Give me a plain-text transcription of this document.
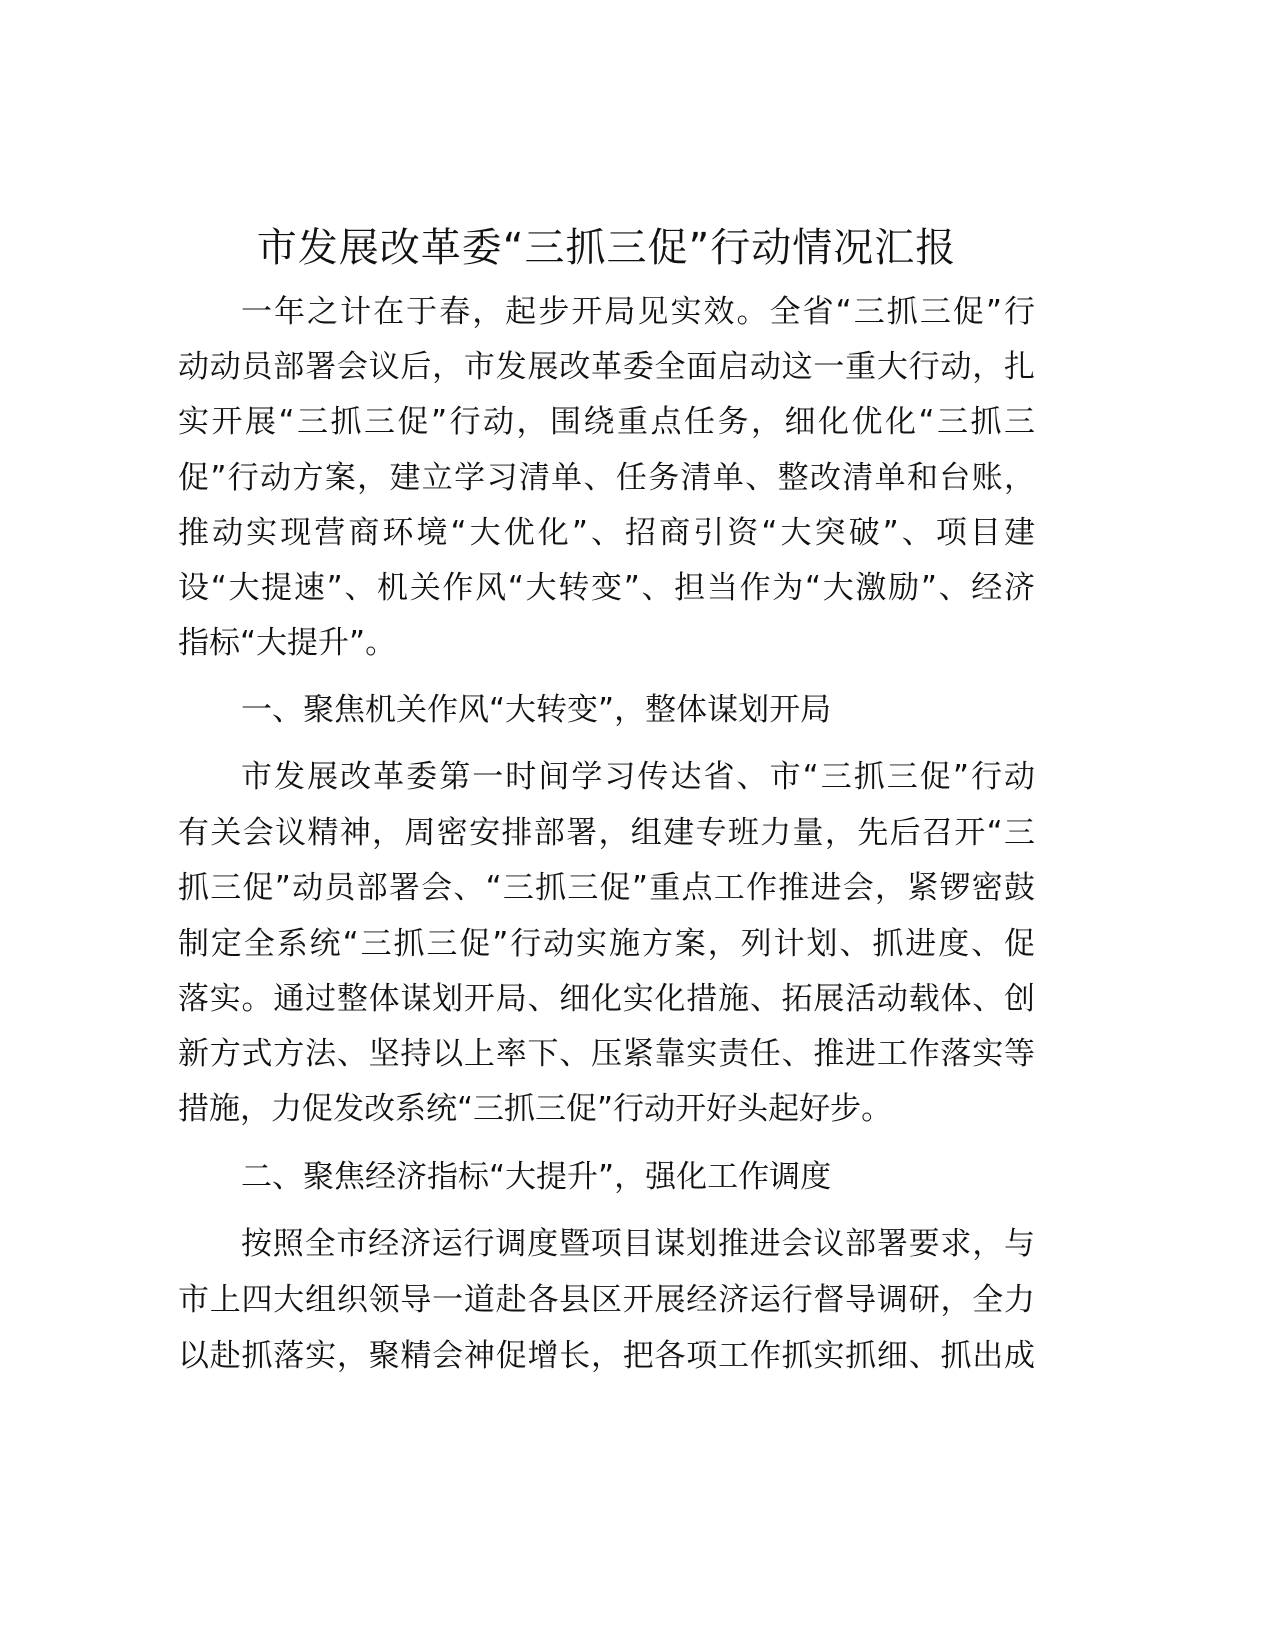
市发展改革委“三抓三促”行动情况汇报
一年之计在于春，起步开局见实效。全省“三抓三促”行
动动员部署会议后，市发展改革委全面启动这一重大行动，扎
实开展“三抓三促”行动，围绕重点任务，细化优化“三抓三
促”行动方案，建立学习清单、任务清单、整改清单和台账，
推动实现营商环境“大优化”、招商引资“大突破”、项目建
设“大提速”、机关作风“大转变”、担当作为“大激励”、经济
指标“大提升”。
一、聚焦机关作风“大转变”，整体谋划开局
市发展改革委第一时间学习传达省、市“三抓三促”行动
有关会议精神，周密安排部署，组建专班力量，先后召开“三
抓三促”动员部署会、“三抓三促”重点工作推进会，紧锣密鼓
制定全系统“三抓三促”行动实施方案，列计划、抓进度、促
落实。通过整体谋划开局、细化实化措施、拓展活动载体、创
新方式方法、坚持以上率下、压紧靠实责任、推进工作落实等
措施，力促发改系统“三抓三促”行动开好头起好步。
二、聚焦经济指标“大提升”，强化工作调度
按照全市经济运行调度暨项目谋划推进会议部署要求，与
市上四大组织领导一道赴各县区开展经济运行督导调研，全力
以赴抓落实，聚精会神促增长，把各项工作抓实抓细、抓出成
